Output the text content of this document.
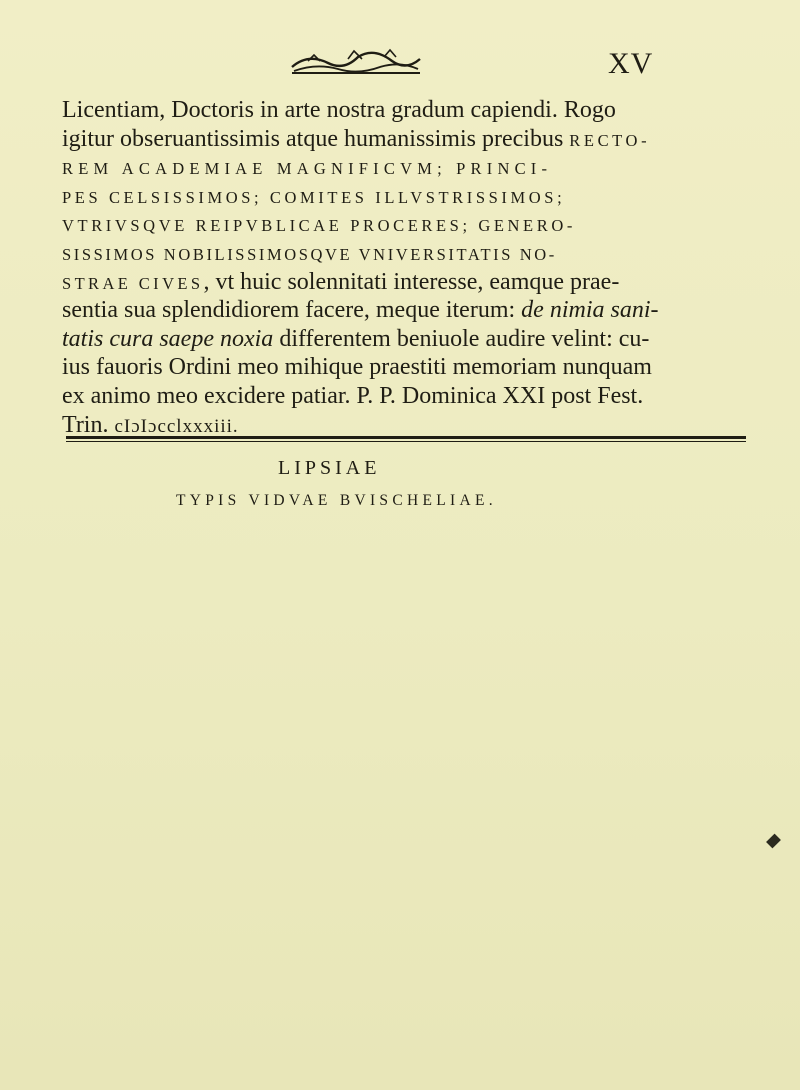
XV
Licentiam, Doctoris in arte nostra gradum capiendi. Rogo
igitur obseruantissimis atque humanissimis precibus RECTO-
REM ACADEMIAE MAGNIFICVM; PRINCI-
PES CELSISSIMOS; COMITES ILLVSTRISSIMOS;
VTRIVSQVE REIPVBLICAE PROCERES; GENERO-
SISSIMOS NOBILISSIMOSQVE VNIVERSITATIS NO-
STRAE CIVES, vt huic solennitati interesse, eamque prae-
sentia sua splendidiorem facere, meque iterum: de nimia sani-
tatis cura saepe noxia differentem beniuole audire velint: cu-
ius fauoris Ordini meo mihique praestiti memoriam nunquam
ex animo meo excidere patiar. P. P. Dominica XXI post Fest.
Trin. cIɔIɔcclxxxiii.
LIPSIAE
TYPIS VIDVAE BVISCHELIAE.
